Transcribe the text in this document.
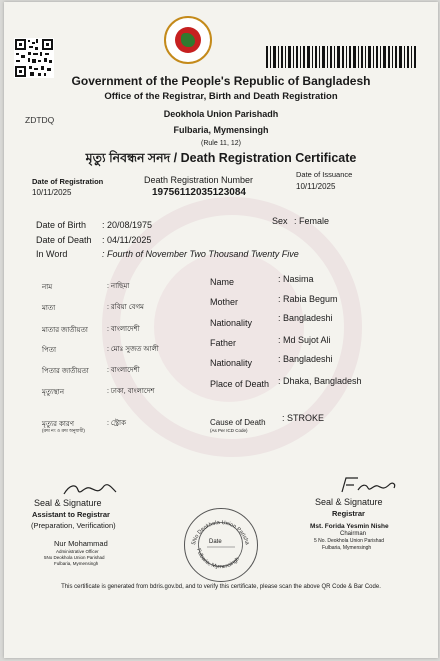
ZDTDQ
Government of the People's Republic of Bangladesh
Office of the Registrar, Birth and Death Registration
Deokhola Union Parishadh
Fulbaria, Mymensingh
(Rule 11, 12)
মৃত্যু নিবন্ধন সনদ / Death Registration Certificate
Date of Registration
10/11/2025
Death Registration Number
19756112035123084
Date of Issuance
10/11/2025
Date of Birth : 20/08/1975	Sex : Female
Date of Death : 04/11/2025
In Word	: Fourth of November Two Thousand Twenty Five
নাম	: নাছিমা
মাতা	: রবিয়া বেগম
মাতার জাতীয়তা	: বাংলাদেশী
পিতা	: মোঃ সুজত আলী
পিতার জাতীয়তা	: বাংলাদেশী
মৃত্যুস্থান	: ঢাকা, বাংলাদেশ
মৃত্যুর কারণ	: স্ট্রোক
(ক্রম নং ও ক্রম অনুযায়ী)
Name	: Nasima
Mother	: Rabia Begum
Nationality	: Bangladeshi
Father	: Md Sujot Ali
Nationality	: Bangladeshi
Place of Death : Dhaka, Bangladesh
Cause of Death : STROKE
(As Per ICD Code)
Seal & Signature
Assistant to Registrar
(Preparation, Verification)
Nur Mohammad
Administrative Officer
5No Deokhola Union Parishad
Fulbaria, Mymensingh
5No Deokhola Union Parisha
Fulbaria, Mymensingh
Date
Seal & Signature
Registrar
Mst. Forida Yesmin Nishe
Chairman
5 No. Deokhola Union Parishad
Fulbaria, Mymensingh
This certificate is generated from bdris.gov.bd, and to verify this certificate, please scan the above QR Code & Bar Code.
